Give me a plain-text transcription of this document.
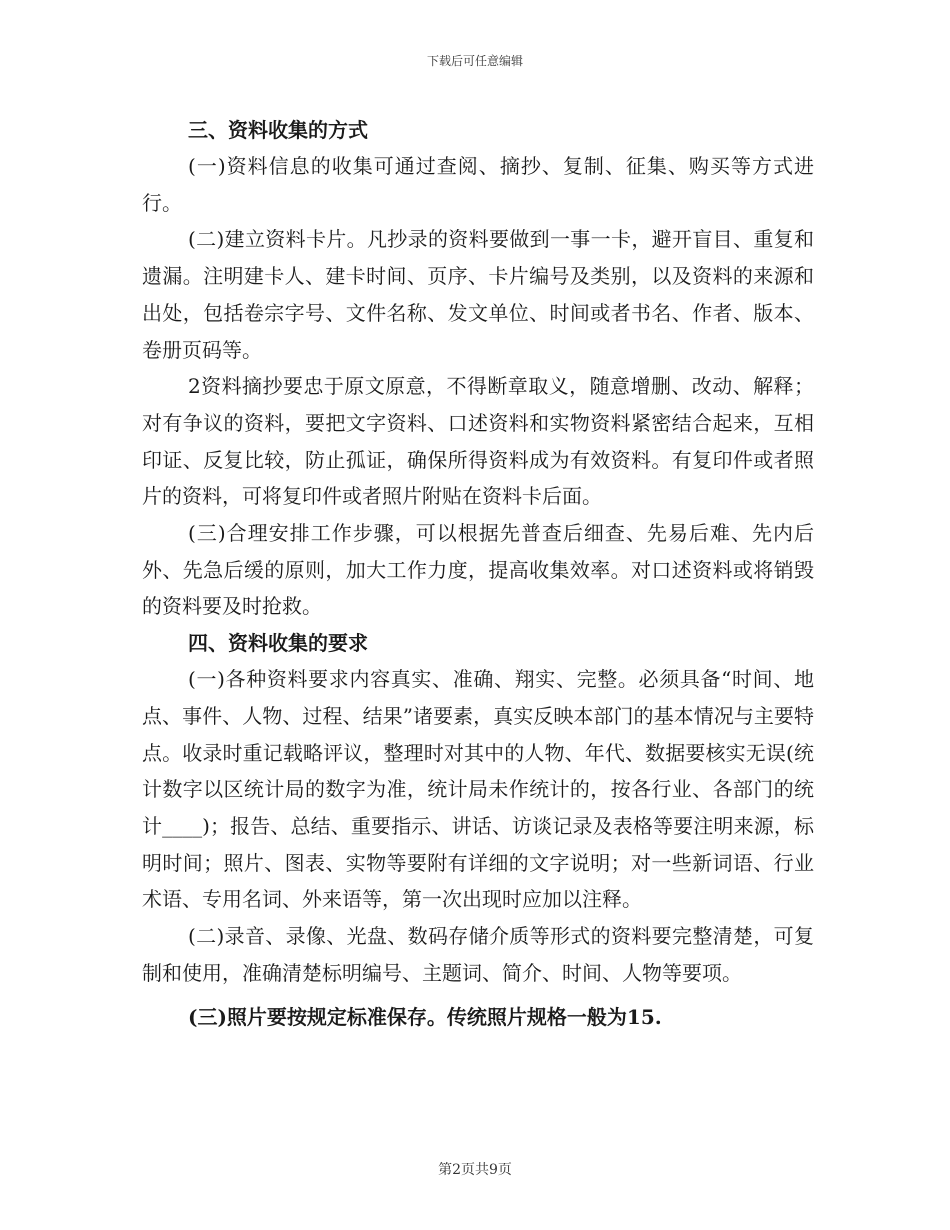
下载后可任意编辑

三、资料收集的方式

(一)资料信息的收集可通过查阅、摘抄、复制、征集、购买等方式进行。

(二)建立资料卡片。凡抄录的资料要做到一事一卡，避开盲目、重复和遗漏。注明建卡人、建卡时间、页序、卡片编号及类别，以及资料的来源和出处，包括卷宗字号、文件名称、发文单位、时间或者书名、作者、版本、卷册页码等。

2资料摘抄要忠于原文原意，不得断章取义，随意增删、改动、解释；对有争议的资料，要把文字资料、口述资料和实物资料紧密结合起来，互相印证、反复比较，防止孤证，确保所得资料成为有效资料。有复印件或者照片的资料，可将复印件或者照片附贴在资料卡后面。

(三)合理安排工作步骤，可以根据先普查后细查、先易后难、先内后外、先急后缓的原则，加大工作力度，提高收集效率。对口述资料或将销毁的资料要及时抢救。

四、资料收集的要求

(一)各种资料要求内容真实、准确、翔实、完整。必须具备“时间、地点、事件、人物、过程、结果”诸要素，真实反映本部门的基本情况与主要特点。收录时重记载略评议，整理时对其中的人物、年代、数据要核实无误(统计数字以区统计局的数字为准，统计局未作统计的，按各行业、各部门的统计____)；报告、总结、重要指示、讲话、访谈记录及表格等要注明来源，标明时间；照片、图表、实物等要附有详细的文字说明；对一些新词语、行业术语、专用名词、外来语等，第一次出现时应加以注释。

(二)录音、录像、光盘、数码存储介质等形式的资料要完整清楚，可复制和使用，准确清楚标明编号、主题词、简介、时间、人物等要项。

(三)照片要按规定标准保存。传统照片规格一般为15.

第2页共9页
